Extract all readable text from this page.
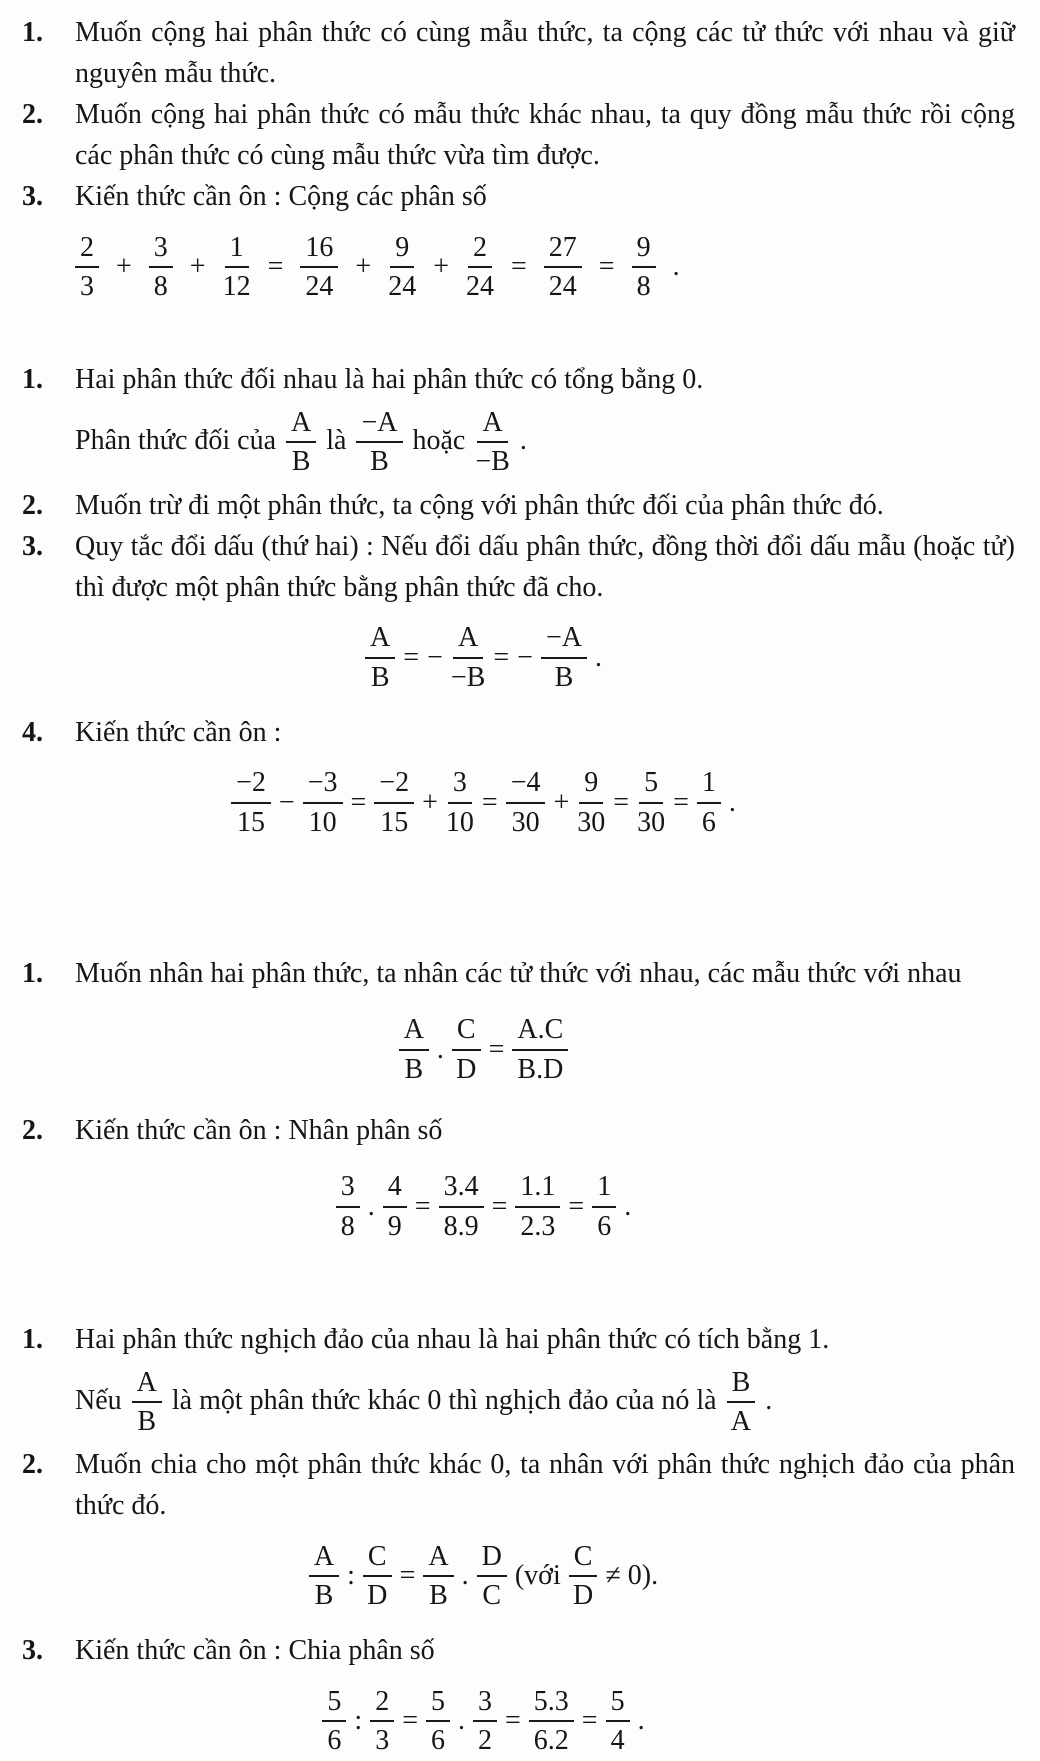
1.	Muốn cộng hai phân thức có cùng mẫu thức, ta cộng các tử thức với nhau và giữ nguyên mẫu thức.
2.	Muốn cộng hai phân thức có mẫu thức khác nhau, ta quy đồng mẫu thức rồi cộng các phân thức có cùng mẫu thức vừa tìm được.
3.	Kiến thức cần ôn : Cộng các phân số
$\frac{2}{3} + \frac{3}{8} + \frac{1}{12} = \frac{16}{24} + \frac{9}{24} + \frac{2}{24} = \frac{27}{24} = \frac{9}{8}$ .
1.	Hai phân thức đối nhau là hai phân thức có tổng bằng 0.
Phân thức đối của $\frac{A}{B}$ là $\frac{-A}{B}$ hoặc $\frac{A}{-B}$ .
2.	Muốn trừ đi một phân thức, ta cộng với phân thức đối của phân thức đó.
3.	Quy tắc đổi dấu (thứ hai) : Nếu đổi dấu phân thức, đồng thời đổi dấu mẫu (hoặc tử) thì được một phân thức bằng phân thức đã cho.
$\frac{A}{B}$ = − $\frac{A}{-B}$ = − $\frac{-A}{B}$ .
4.	Kiến thức cần ôn :
$\frac{-2}{15} - \frac{-3}{10} = \frac{-2}{15} + \frac{3}{10} = \frac{-4}{30} + \frac{9}{30} = \frac{5}{30} = \frac{1}{6}$ .
1.	Muốn nhân hai phân thức, ta nhân các tử thức với nhau, các mẫu thức với nhau
$\frac{A}{B}$ . $\frac{C}{D} = \frac{A.C}{B.D}$
2.	Kiến thức cần ôn : Nhân phân số
$\frac{3}{8}$ . $\frac{4}{9} = \frac{3.4}{8.9} = \frac{1.1}{2.3} = \frac{1}{6}$ .
1.	Hai phân thức nghịch đảo của nhau là hai phân thức có tích bằng 1.
Nếu $\frac{A}{B}$ là một phân thức khác 0 thì nghịch đảo của nó là $\frac{B}{A}$ .
2.	Muốn chia cho một phân thức khác 0, ta nhân với phân thức nghịch đảo của phân thức đó.
$\frac{A}{B}$ : $\frac{C}{D} = \frac{A}{B}$ . $\frac{D}{C}$ (với $\frac{C}{D} \ne 0$).
3.	Kiến thức cần ôn : Chia phân số
$\frac{5}{6}$ : $\frac{2}{3} = \frac{5}{6}$ . $\frac{3}{2} = \frac{5.3}{6.2} = \frac{5}{4}$ .
